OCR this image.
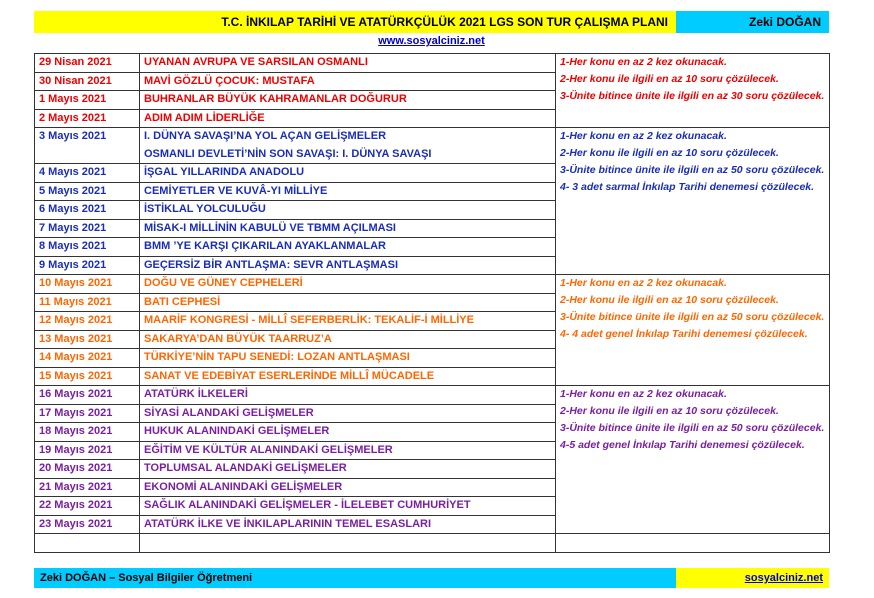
T.C. İNKILAP TARİHİ VE ATATÜRKÇÜLÜK 2021 LGS SON TUR ÇALIŞMA PLANI	Zeki DOĞAN
www.sosyalciniz.net
29 Nisan 2021	UYANAN AVRUPA VE SARSILAN OSMANLI	1-Her konu en az 2 kez okunacak.
2-Her konu ile ilgili en az 10 soru çözülecek.
3-Ünite bitince ünite ile ilgili en az 30 soru çözülecek.

30 Nisan 2021	MAVİ GÖZLÜ ÇOCUK: MUSTAFA	
1 Mayıs 2021	BUHRANLAR BÜYÜK KAHRAMANLAR DOĞURUR	
2 Mayıs 2021	ADIM ADIM LİDERLİĞE	
3 Mayıs 2021	I. DÜNYA SAVAŞI’NA YOL AÇAN GELİŞMELER	1-Her konu en az 2 kez okunacak.
2-Her konu ile ilgili en az 10 soru çözülecek.
3-Ünite bitince ünite ile ilgili en az 50 soru çözülecek.
4- 3 adet sarmal İnkılap Tarihi denemesi çözülecek.

	OSMANLI DEVLETİ’NİN SON SAVAŞI: I. DÜNYA SAVAŞI	
4 Mayıs 2021	İŞGAL YILLARINDA ANADOLU	
5 Mayıs 2021	CEMİYETLER VE KUVÂ-YI MİLLİYE	
6 Mayıs 2021	İSTİKLAL YOLCULUĞU	
7 Mayıs 2021	MİSAK-I MİLLİNİN KABULÜ VE TBMM AÇILMASI	
8 Mayıs 2021	BMM ’YE KARŞI ÇIKARILAN AYAKLANMALAR	
9 Mayıs 2021	GEÇERSİZ BİR ANTLAŞMA: SEVR ANTLAŞMASI	
10 Mayıs 2021	DOĞU VE GÜNEY CEPHELERİ	1-Her konu en az 2 kez okunacak.
2-Her konu ile ilgili en az 10 soru çözülecek.
3-Ünite bitince ünite ile ilgili en az 50 soru çözülecek.
4- 4 adet genel İnkılap Tarihi denemesi çözülecek.

11 Mayıs 2021	BATI CEPHESİ	
12 Mayıs 2021	MAARİF KONGRESİ - MİLLÎ SEFERBERLİK: TEKALİF-İ MİLLİYE	
13 Mayıs 2021	SAKARYA’DAN BÜYÜK TAARRUZ’A	
14 Mayıs 2021	TÜRKİYE’NİN TAPU SENEDİ: LOZAN ANTLAŞMASI	
15 Mayıs 2021	SANAT VE EDEBİYAT ESERLERİNDE MİLLÎ MÜCADELE	
16 Mayıs 2021	ATATÜRK İLKELERİ	1-Her konu en az 2 kez okunacak.
2-Her konu ile ilgili en az 10 soru çözülecek.
3-Ünite bitince ünite ile ilgili en az 50 soru çözülecek.
4-5 adet genel İnkılap Tarihi denemesi çözülecek.

17 Mayıs 2021	SİYASİ ALANDAKİ GELİŞMELER	
18 Mayıs 2021	HUKUK ALANINDAKİ GELİŞMELER	
19 Mayıs 2021	EĞİTİM VE KÜLTÜR ALANINDAKİ GELİŞMELER	
20 Mayıs 2021	TOPLUMSAL ALANDAKİ GELİŞMELER	
21 Mayıs 2021	EKONOMİ ALANINDAKİ GELİŞMELER	
22 Mayıs 2021	SAĞLIK ALANINDAKİ GELİŞMELER - İLELEBET CUMHURİYET	
23 Mayıs 2021	ATATÜRK İLKE VE İNKILAPLARININ TEMEL ESASLARI	

Zeki DOĞAN – Sosyal Bilgiler Öğretmeni	sosyalciniz.net
